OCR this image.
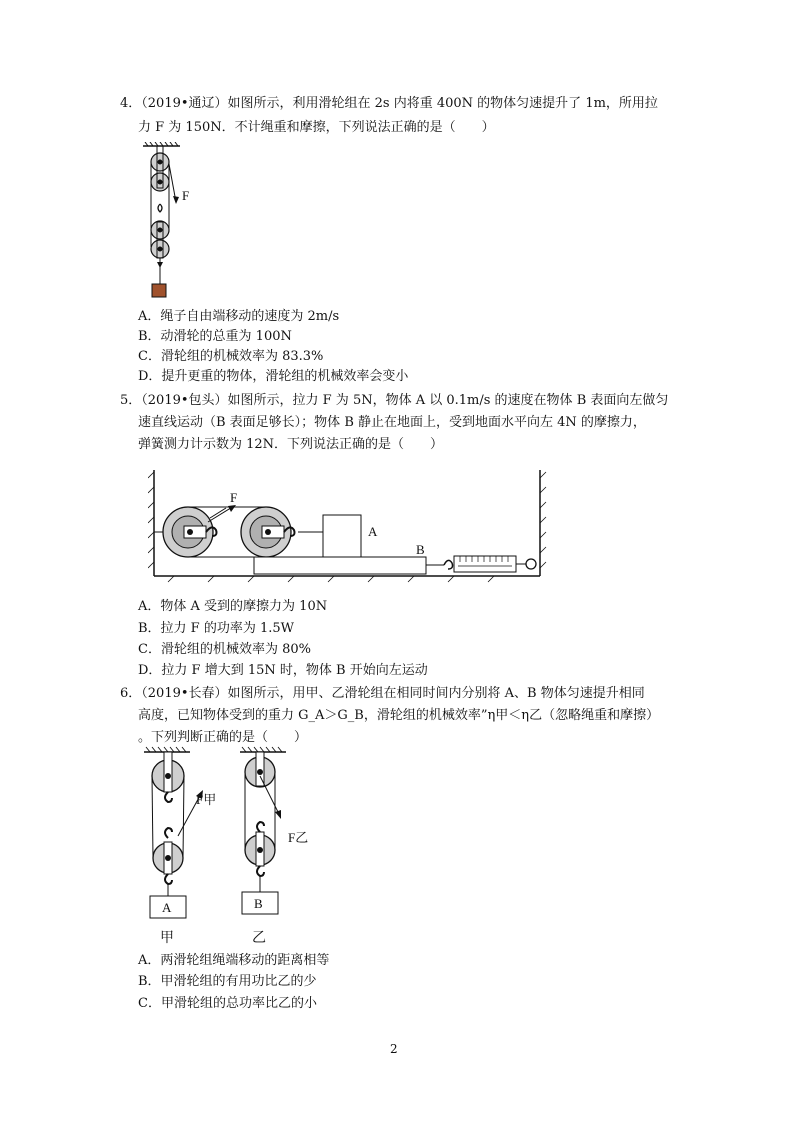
4．（2019•通辽）如图所示，利用滑轮组在 2s 内将重 400N 的物体匀速提升了 1m，所用拉
力 F 为 150N．不计绳重和摩擦，下列说法正确的是（　　）
F
A．绳子自由端移动的速度为 2m/s
B．动滑轮的总重为 100N
C．滑轮组的机械效率为 83.3%
D．提升更重的物体，滑轮组的机械效率会变小
5．（2019•包头）如图所示，拉力 F 为 5N，物体 A 以 0.1m/s 的速度在物体 B 表面向左做匀
速直线运动（B 表面足够长）；物体 B 静止在地面上，受到地面水平向左 4N 的摩擦力，
弹簧测力计示数为 12N．下列说法正确的是（　　）
F
A
B
A．物体 A 受到的摩擦力为 10N
B．拉力 F 的功率为 1.5W
C．滑轮组的机械效率为 80%
D．拉力 F 增大到 15N 时，物体 B 开始向左运动
6．（2019•长春）如图所示，用甲、乙滑轮组在相同时间内分别将 A、B 物体匀速提升相同
高度，已知物体受到的重力 G_A＞G_B，滑轮组的机械效率”η甲＜η乙（忽略绳重和摩擦）
。下列判断正确的是（　　）
F甲
A
甲
F乙
B
乙
A．两滑轮组绳端移动的距离相等
B．甲滑轮组的有用功比乙的少
C．甲滑轮组的总功率比乙的小
2
